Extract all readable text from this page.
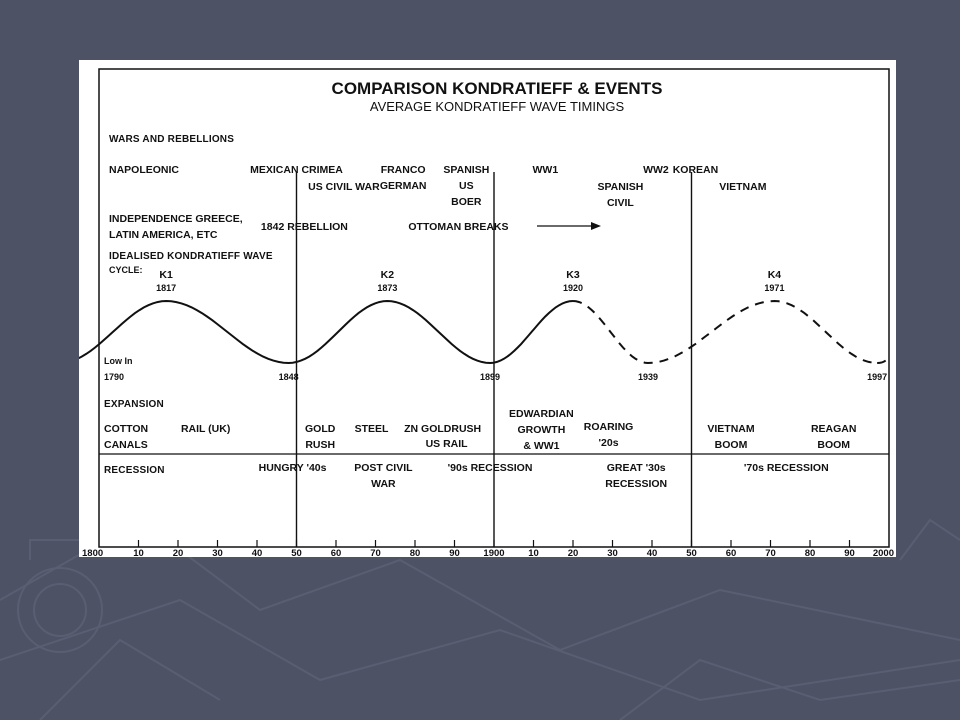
COMPARISON KONDRATIEFF & EVENTS
AVERAGE KONDRATIEFF WAVE TIMINGS
WARS AND REBELLIONS
IDEALISED KONDRATIEFF WAVE
CYCLE:
Low In
EXPANSION
RECESSION
K1
1817
K2
1873
K3
1920
K4
1971
1790	1848	1899	1939	1997
NAPOLEONIC	MEXICAN CRIMEA
US CIVIL WAR
FRANCO
GERMAN
SPANISH
US
BOER
WW1
SPANISH
CIVIL
WW2 KOREAN
VIETNAM
INDEPENDENCE GREECE,
LATIN AMERICA, ETC
1842 REBELLION	OTTOMAN BREAKS
COTTON
CANALS
RAIL (UK)	GOLD
RUSH
STEEL ZN GOLDRUSH
US RAIL
EDWARDIAN
GROWTH
& WW1
ROARING
'20s
VIETNAM
BOOM
REAGAN
BOOM
HUNGRY '40s	POST CIVIL
WAR
'90s RECESSION	GREAT '30s
RECESSION
'70s RECESSION
1800	10	20	30	40	50	60	70	80	90 1900 10	20	30	40	50	60	70	80	90 2000
